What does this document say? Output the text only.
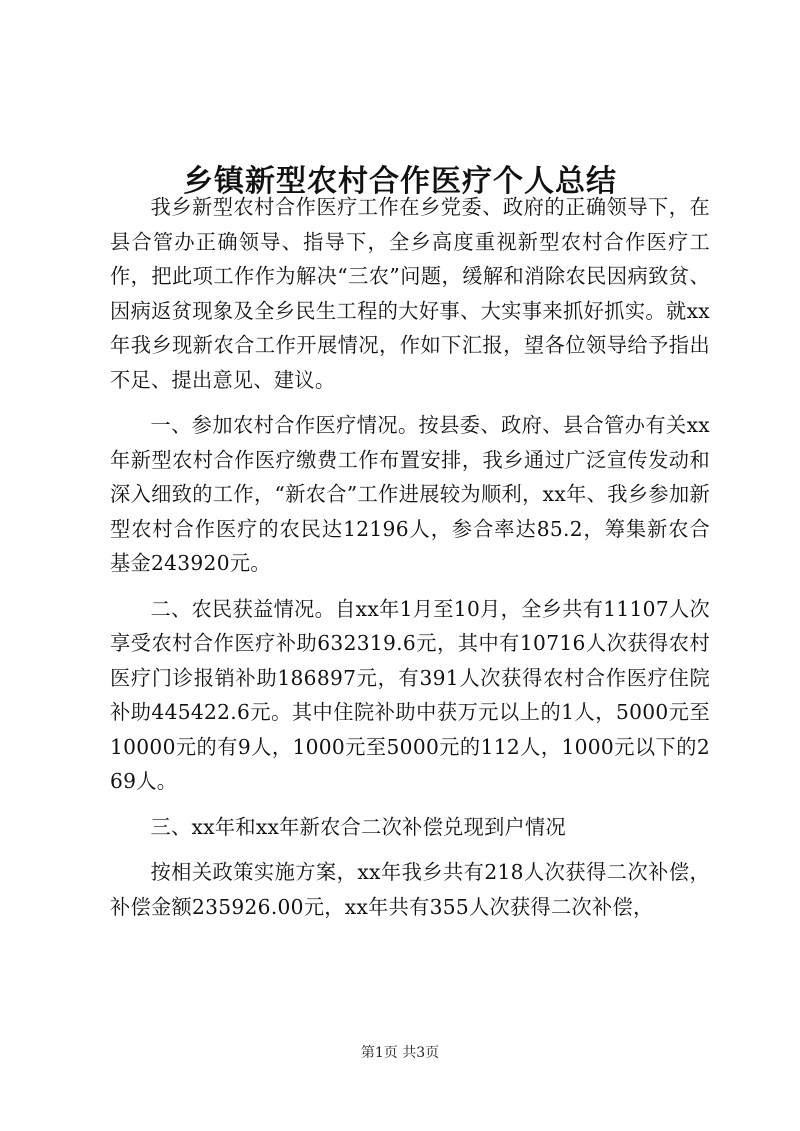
乡镇新型农村合作医疗个人总结

我乡新型农村合作医疗工作在乡党委、政府的正确领导下，在县合管办正确领导、指导下，全乡高度重视新型农村合作医疗工作，把此项工作作为解决“三农”问题，缓解和消除农民因病致贫、因病返贫现象及全乡民生工程的大好事、大实事来抓好抓实。就xx年我乡现新农合工作开展情况，作如下汇报，望各位领导给予指出不足、提出意见、建议。

一、参加农村合作医疗情况。按县委、政府、县合管办有关xx年新型农村合作医疗缴费工作布置安排，我乡通过广泛宣传发动和深入细致的工作，“新农合”工作进展较为顺利，xx年、我乡参加新型农村合作医疗的农民达12196人，参合率达85.2，筹集新农合基金243920元。

二、农民获益情况。自xx年1月至10月，全乡共有11107人次享受农村合作医疗补助632319.6元，其中有10716人次获得农村医疗门诊报销补助186897元，有391人次获得农村合作医疗住院补助445422.6元。其中住院补助中获万元以上的1人，5000元至10000元的有9人，1000元至5000元的112人，1000元以下的269人。

三、xx年和xx年新农合二次补偿兑现到户情况

按相关政策实施方案，xx年我乡共有218人次获得二次补偿，补偿金额235926.00元，xx年共有355人次获得二次补偿，

第1页 共3页
